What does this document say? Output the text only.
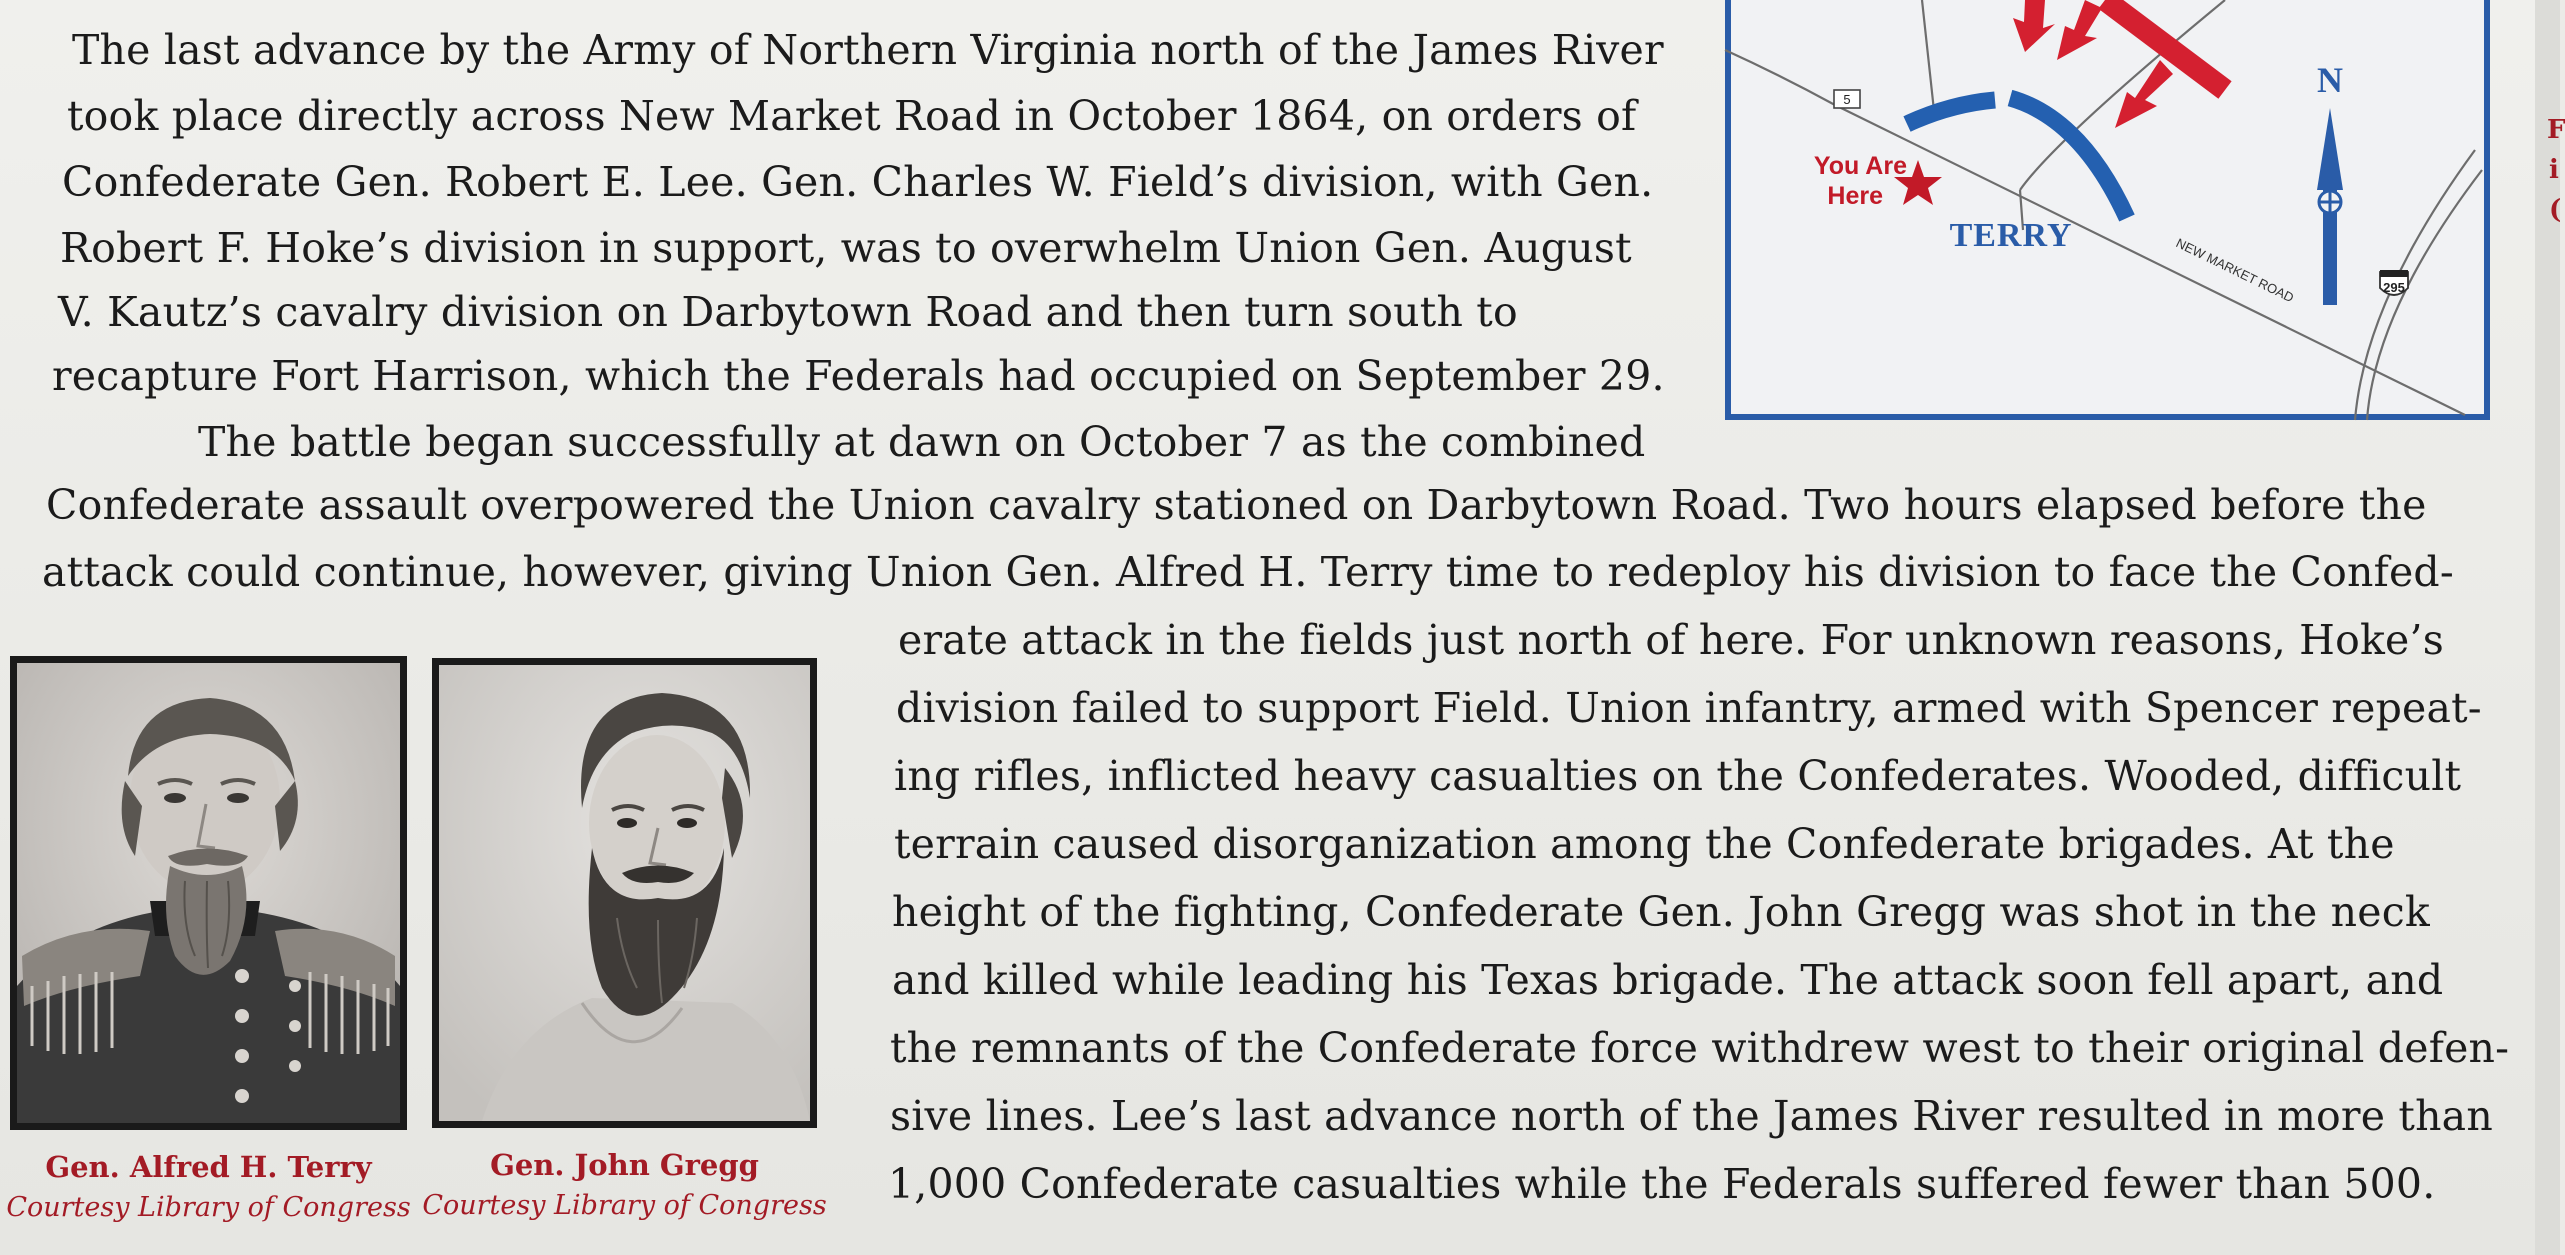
The last advance by the Army of Northern Virginia north of the James River
took place directly across New Market Road in October 1864, on orders of
Confederate Gen. Robert E. Lee. Gen. Charles W. Field’s division, with Gen.
Robert F. Hoke’s division in support, was to overwhelm Union Gen. August
V. Kautz’s cavalry division on Darbytown Road and then turn south to
recapture Fort Harrison, which the Federals had occupied on September 29.
The battle began successfully at dawn on October 7 as the combined
Confederate assault overpowered the Union cavalry stationed on Darbytown Road. Two hours elapsed before the
attack could continue, however, giving Union Gen. Alfred H. Terry time to redeploy his division to face the Confed-
erate attack in the fields just north of here. For unknown reasons, Hoke’s
division failed to support Field. Union infantry, armed with Spencer repeat-
ing rifles, inflicted heavy casualties on the Confederates. Wooded, difficult
terrain caused disorganization among the Confederate brigades. At the
height of the fighting, Confederate Gen. John Gregg was shot in the neck
and killed while leading his Texas brigade. The attack soon fell apart, and
the remnants of the Confederate force withdrew west to their original defen-
sive lines. Lee’s last advance north of the James River resulted in more than
1,000 Confederate casualties while the Federals suffered fewer than 500.
5
295
You Are
Here
TERRY	NEW MARKET ROAD
N
Gen. Alfred H. Terry
Courtesy Library of Congress
Gen. John Gregg
Courtesy Library of Congress
F
i
(
